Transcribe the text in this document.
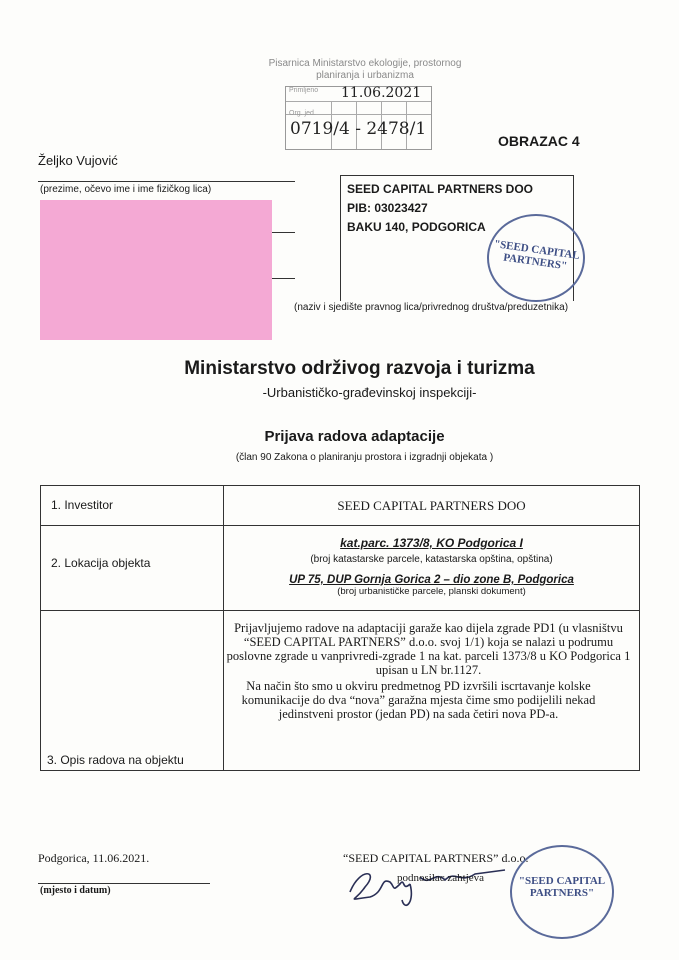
Pisarnica Ministarstvo ekologije, prostornog
planiranja i urbanizma
Primljeno 11.06.2021
Org. jed.
0719/4 - 2478/1
OBRAZAC 4
Željko Vujović
(prezime, očevo ime i ime fizičkog lica)	SEED CAPITAL PARTNERS DOO
PIB: 03023427
BAKU 140, PODGORICA
"SEED CAPITAL PARTNERS"
(naziv i sjedište pravnog lica/privrednog društva/preduzetnika)
Ministarstvo održivog razvoja i turizma
-Urbanističko-građevinskoj inspekciji-
Prijava radova adaptacije
(član 90 Zakona o planiranju prostora i izgradnji objekata )
1. Investitor	SEED CAPITAL PARTNERS DOO
2. Lokacija objekta	kat.parc. 1373/8, KO Podgorica I
(broj katastarske parcele, katastarska opština, opština)
UP 75, DUP Gornja Gorica 2 – dio zone B, Podgorica
(broj urbanističke parcele, planski dokument)

3. Opis radova na objektu	Prijavljujemo radove na adaptaciji garaže kao dijela zgrade PD1 (u vlasništvu “SEED CAPITAL PARTNERS” d.o.o. svoj 1/1) koja se nalazi u podrumu poslovne zgrade u vanprivredi-zgrade 1 na kat. parceli 1373/8 u KO Podgorica 1 upisan u LN br.1127.
Na način što smo u okviru predmetnog PD izvršili iscrtavanje kolske komunikacije do dva “nova” garažna mjesta čime smo podijelili nekad jedinstveni prostor (jedan PD) na sada četiri nova PD-a.
Podgorica, 11.06.2021.
(mjesto i datum)
“SEED CAPITAL PARTNERS” d.o.o.
podnosilac zahtjeva	"SEED CAPITAL PARTNERS"
